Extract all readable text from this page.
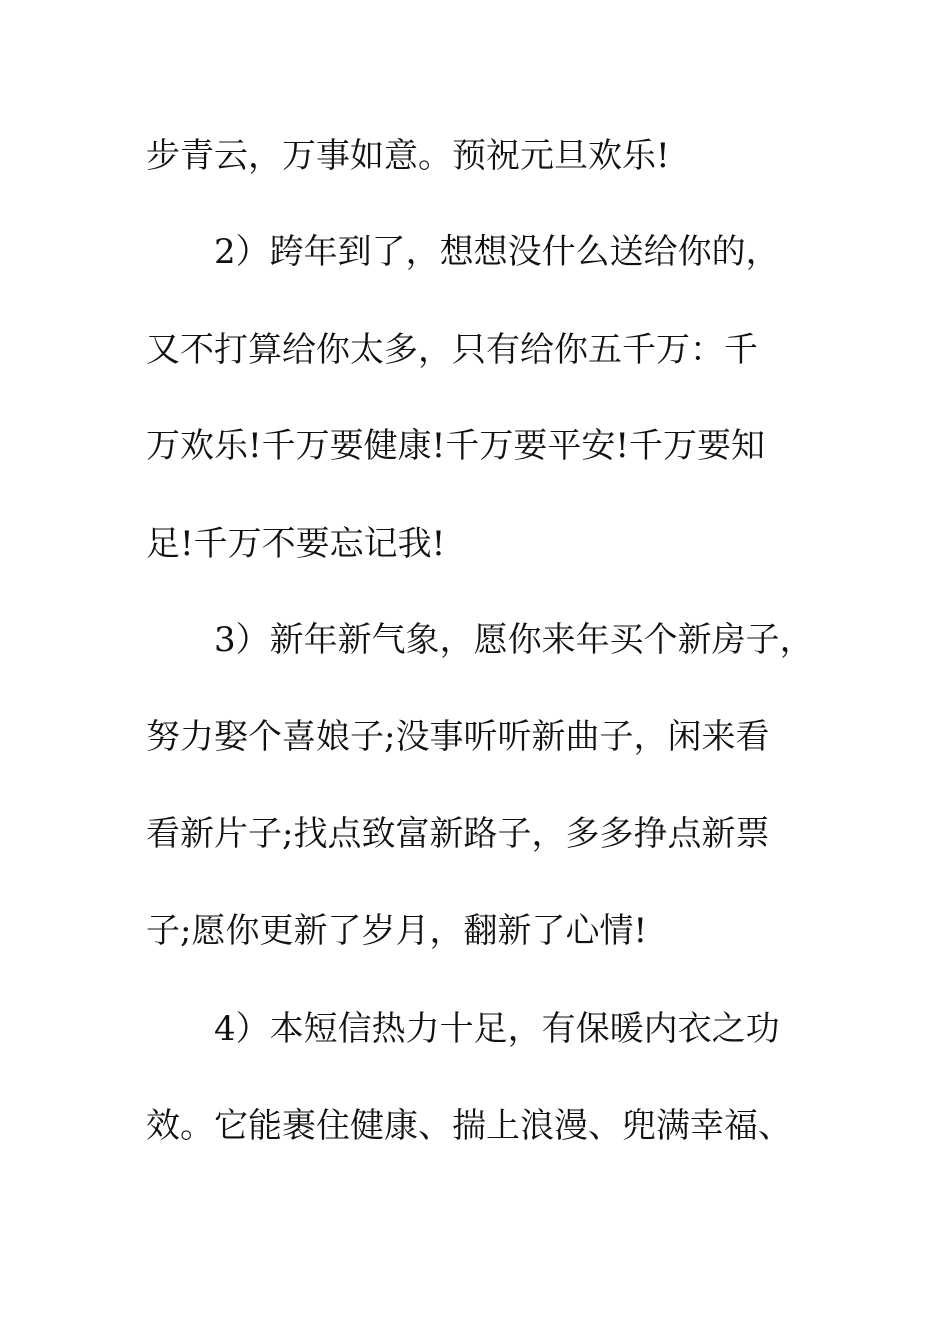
步青云，万事如意。预祝元旦欢乐!
2）跨年到了，想想没什么送给你的，
又不打算给你太多，只有给你五千万：千
万欢乐!千万要健康!千万要平安!千万要知
足!千万不要忘记我!
3）新年新气象，愿你来年买个新房子，
努力娶个喜娘子;没事听听新曲子，闲来看
看新片子;找点致富新路子，多多挣点新票
子;愿你更新了岁月，翻新了心情!
4）本短信热力十足，有保暖内衣之功
效。它能裹住健康、揣上浪漫、兜满幸福、
